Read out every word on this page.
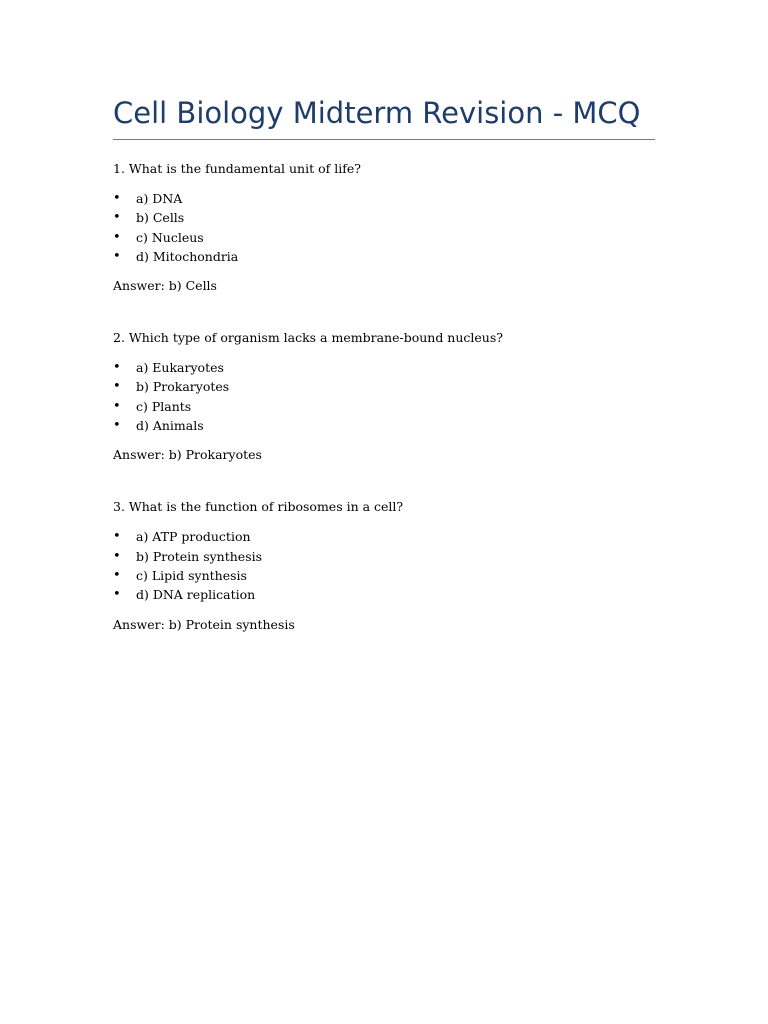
Cell Biology Midterm Revision - MCQ

1. What is the fundamental unit of life?

• a) DNA
• b) Cells
• c) Nucleus
• d) Mitochondria

Answer: b) Cells

2. Which type of organism lacks a membrane-bound nucleus?

• a) Eukaryotes
• b) Prokaryotes
• c) Plants
• d) Animals

Answer: b) Prokaryotes

3. What is the function of ribosomes in a cell?

• a) ATP production
• b) Protein synthesis
• c) Lipid synthesis
• d) DNA replication

Answer: b) Protein synthesis
